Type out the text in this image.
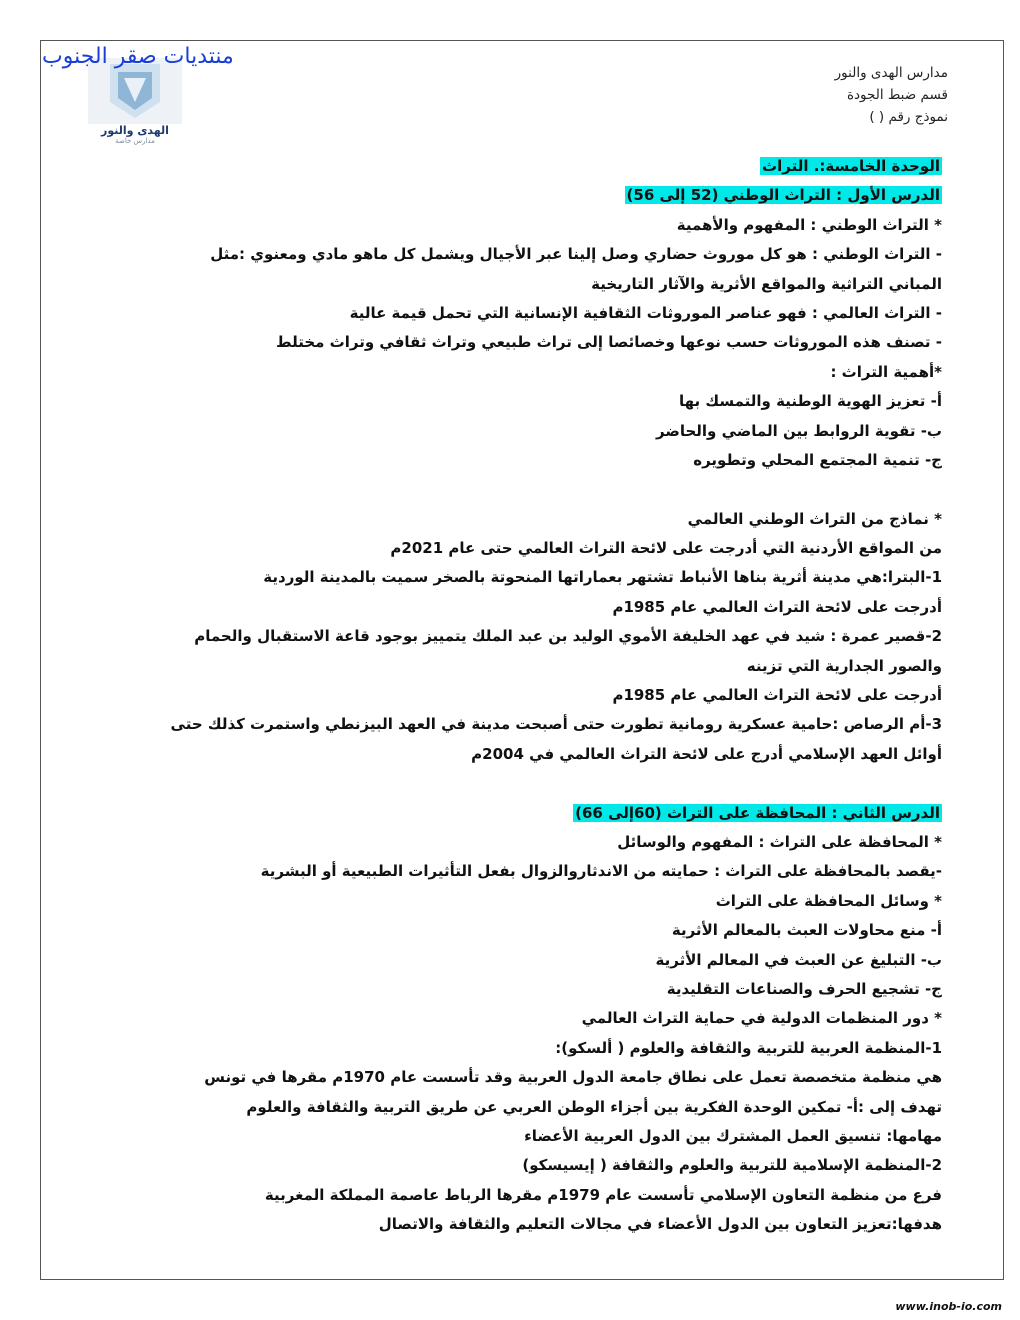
الهدى والنور
مدارس خاصة
منتديات صقر الجنوب
مدارس الهدى والنور
قسم ضبط الجودة
نموذج رقم ( )
الوحدة الخامسة:. التراث
الدرس الأول : التراث الوطني (52 إلى 56)
* التراث الوطني : المفهوم والأهمية
- التراث الوطني : هو كل موروث حضاري وصل إلينا عبر الأجيال ويشمل كل ماهو مادي ومعنوي :مثل
المباني التراثية والمواقع الأثرية والآثار التاريخية
- التراث العالمي : فهو عناصر الموروثات الثقافية الإنسانية التي تحمل قيمة عالية
- تصنف هذه الموروثات حسب نوعها وخصائصا إلى تراث طبيعي وتراث ثقافي وتراث مختلط
*أهمية التراث :
أ- تعزيز الهوية الوطنية والتمسك بها
ب- تقوية الروابط بين الماضي والحاضر
ج- تنمية المجتمع المحلي وتطويره
* نماذج من التراث الوطني العالمي
من المواقع الأردنية التي أدرجت على لائحة التراث العالمي حتى عام 2021م
1-البترا:هي مدينة أثرية بناها الأنباط تشتهر بعماراتها المنحوتة بالصخر سميت بالمدينة الوردية
أدرجت على لائحة التراث العالمي عام 1985م
2-قصير عمرة : شيد في عهد الخليفة الأموي الوليد بن عبد الملك يتمييز بوجود قاعة الاستقبال والحمام
والصور الجدارية التي تزينه
أدرجت على لائحة التراث العالمي عام 1985م
3-أم الرصاص :حامية عسكرية رومانية تطورت حتى أصبحت مدينة في العهد البيزنطي واستمرت كذلك حتى
أوائل العهد الإسلامي أدرج على لائحة التراث العالمي في 2004م
الدرس الثاني : المحافظة على التراث (60إلى 66)
* المحافظة على التراث : المفهوم والوسائل
-يقصد بالمحافظة على التراث : حمايته من الاندثاروالزوال بفعل التأثيرات الطبيعية أو البشرية
* وسائل المحافظة على التراث
أ- منع محاولات العبث بالمعالم الأثرية
ب- التبليغ عن العبث في المعالم الأثرية
ج- تشجيع الحرف والصناعات التقليدية
* دور المنظمات الدولية في حماية التراث العالمي
1-المنظمة العربية للتربية والثقافة والعلوم ( ألسكو):
هي منظمة متخصصة تعمل على نطاق جامعة الدول العربية وقد تأسست عام 1970م مقرها في تونس
تهدف إلى :أ- تمكين الوحدة الفكرية بين أجزاء الوطن العربي عن طريق التربية والثقافة والعلوم
مهامها: تنسيق العمل المشترك بين الدول العربية الأعضاء
2-المنظمة الإسلامية للتربية والعلوم والثقافة ( إيسيسكو)
فرع من منظمة التعاون الإسلامي تأسست عام 1979م مقرها الرباط عاصمة المملكة المغربية
هدفها:تعزيز التعاون بين الدول الأعضاء في مجالات التعليم والثقافة والاتصال
www.inob-io.com
